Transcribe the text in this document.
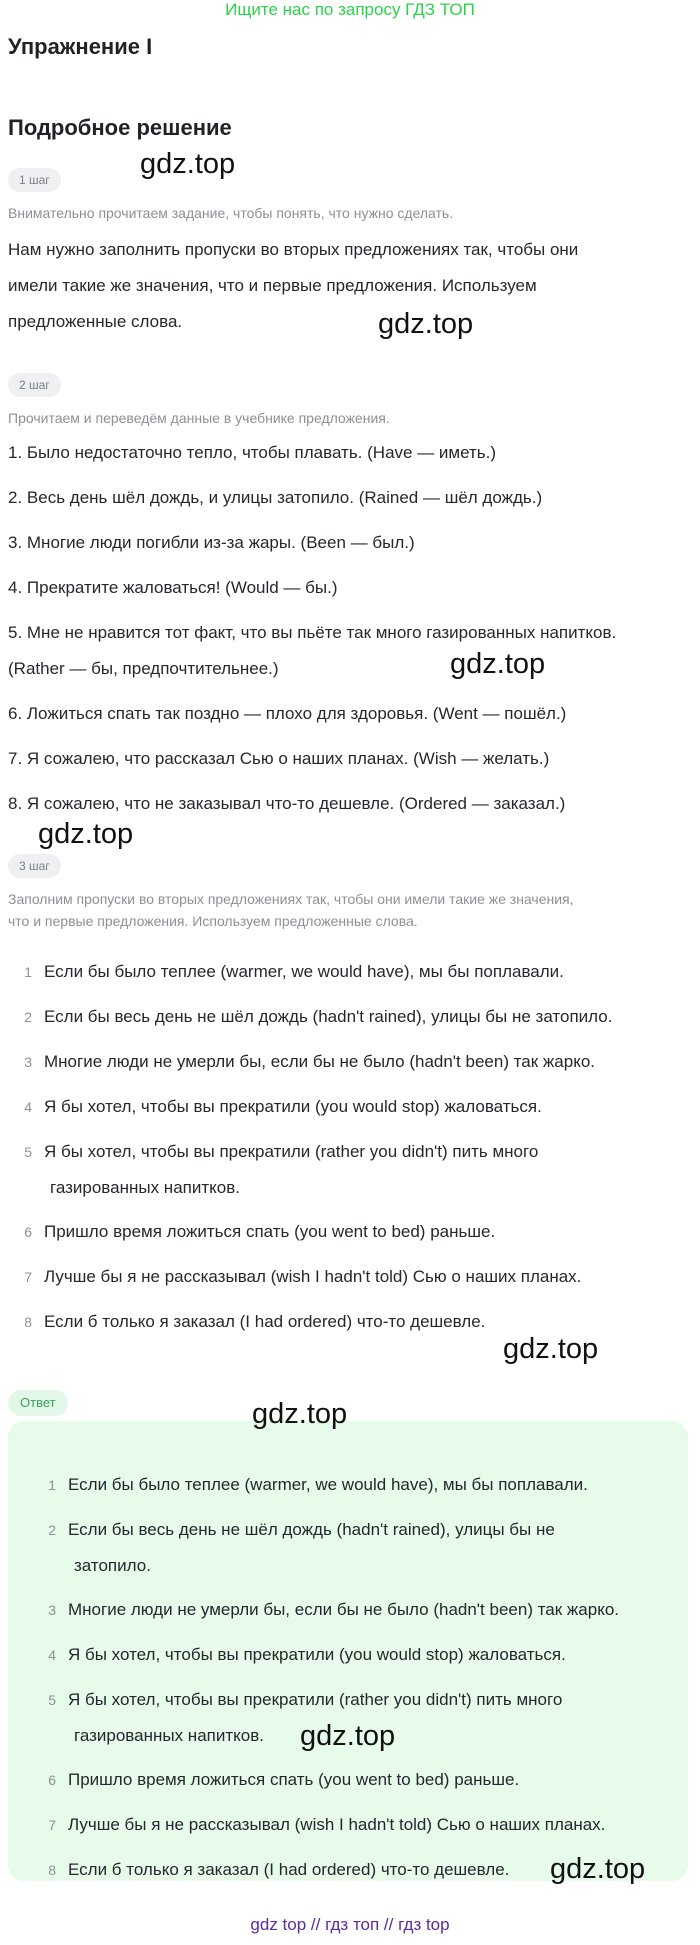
Ищите нас по запросу ГДЗ ТОП
Упражнение I
Подробное решение
1 шаг
Внимательно прочитаем задание, чтобы понять, что нужно сделать.
Нам нужно заполнить пропуски во вторых предложениях так, чтобы они
имели такие же значения, что и первые предложения. Используем
предложенные слова.
2 шаг
Прочитаем и переведём данные в учебнике предложения.
1. Было недостаточно тепло, чтобы плавать. (Have — иметь.)
2. Весь день шёл дождь, и улицы затопило. (Rained — шёл дождь.)
3. Многие люди погибли из-за жары. (Been — был.)
4. Прекратите жаловаться! (Would — бы.)
5. Мне не нравится тот факт, что вы пьёте так много газированных напитков.
(Rather — бы, предпочтительнее.)
6. Ложиться спать так поздно — плохо для здоровья. (Went — пошёл.)
7. Я сожалею, что рассказал Сью о наших планах. (Wish — желать.)
8. Я сожалею, что не заказывал что-то дешевле. (Ordered — заказал.)
3 шаг
Заполним пропуски во вторых предложениях так, чтобы они имели такие же значения,
что и первые предложения. Используем предложенные слова.
1 Если бы было теплее (warmer, we would have), мы бы поплавали.
2 Если бы весь день не шёл дождь (hadn't rained), улицы бы не затопило.
3 Многие люди не умерли бы, если бы не было (hadn't been) так жарко.
4 Я бы хотел, чтобы вы прекратили (you would stop) жаловаться.
5 Я бы хотел, чтобы вы прекратили (rather you didn't) пить много
газированных напитков.
6 Пришло время ложиться спать (you went to bed) раньше.
7 Лучше бы я не рассказывал (wish I hadn't told) Сью о наших планах.
8 Если б только я заказал (I had ordered) что-то дешевле.
Ответ
1 Если бы было теплее (warmer, we would have), мы бы поплавали.
2 Если бы весь день не шёл дождь (hadn't rained), улицы бы не
затопило.
3 Многие люди не умерли бы, если бы не было (hadn't been) так жарко.
4 Я бы хотел, чтобы вы прекратили (you would stop) жаловаться.
5 Я бы хотел, чтобы вы прекратили (rather you didn't) пить много
газированных напитков.
6 Пришло время ложиться спать (you went to bed) раньше.
7 Лучше бы я не рассказывал (wish I hadn't told) Сью о наших планах.
8 Если б только я заказал (I had ordered) что-то дешевле.
gdz.top
gdz.top
gdz.top
gdz.top
gdz.top
gdz.top
gdz.top
gdz.top
gdz top // гдз топ // гдз top
